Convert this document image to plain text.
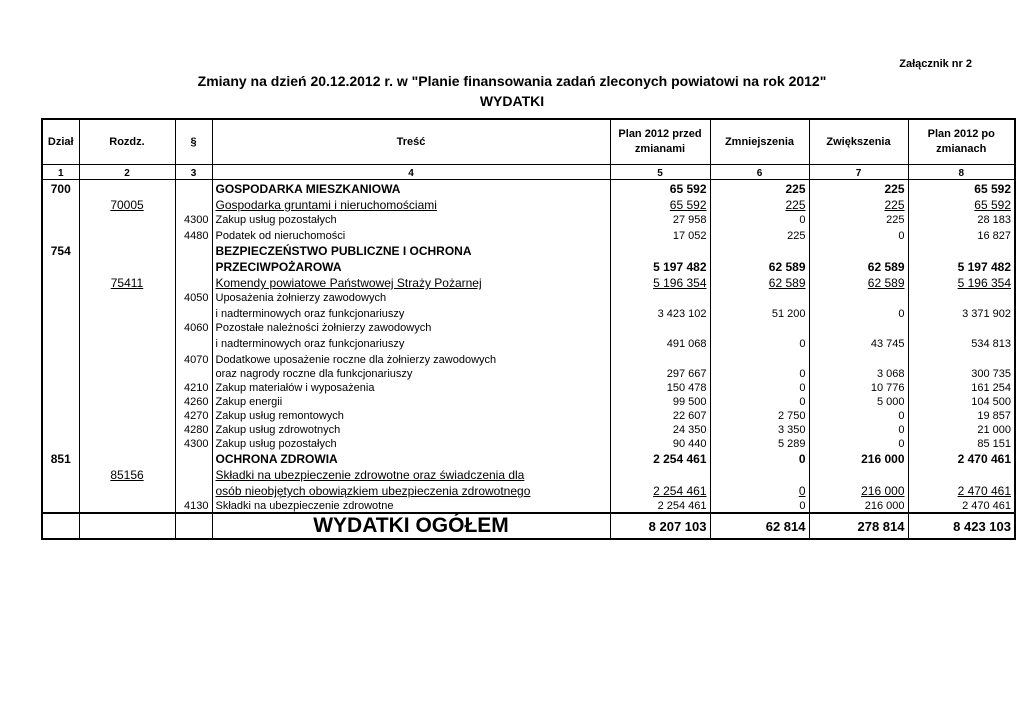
Załącznik nr 2
Zmiany na dzień 20.12.2012 r. w "Planie finansowania zadań zleconych powiatowi na rok 2012"
WYDATKI
Dział	Rozdz.	§	Treść	Plan 2012 przed zmianami	Zmniejszenia	Zwiększenia	Plan 2012 po zmianach
1	2	3	4	5	6	7	8
700			GOSPODARKA MIESZKANIOWA	65 592	225	225	65 592
	70005		Gospodarka gruntami i nieruchomościami	65 592	225	225	65 592
		4300	Zakup usług pozostałych	27 958	0	225	28 183
		4480	Podatek od nieruchomości	17 052	225	0	16 827
754			BEZPIECZEŃSTWO PUBLICZNE I OCHRONA				
			PRZECIWPOŻAROWA	5 197 482	62 589	62 589	5 197 482
	75411		Komendy powiatowe Państwowej Straży Pożarnej	5 196 354	62 589	62 589	5 196 354
		4050	Uposażenia żołnierzy zawodowych				
			i nadterminowych oraz funkcjonariuszy	3 423 102	51 200	0	3 371 902
		4060	Pozostałe należności żołnierzy zawodowych				
			i nadterminowych oraz funkcjonariuszy	491 068	0	43 745	534 813
		4070	Dodatkowe uposażenie roczne dla żołnierzy zawodowych				
			oraz nagrody roczne dla funkcjonariuszy	297 667	0	3 068	300 735
		4210	Zakup materiałów i wyposażenia	150 478	0	10 776	161 254
		4260	Zakup energii	99 500	0	5 000	104 500
		4270	Zakup usług remontowych	22 607	2 750	0	19 857
		4280	Zakup usług zdrowotnych	24 350	3 350	0	21 000
		4300	Zakup usług pozostałych	90 440	5 289	0	85 151
851			OCHRONA ZDROWIA	2 254 461	0	216 000	2 470 461
	85156		Składki na ubezpieczenie zdrowotne oraz świadczenia dla				
			osób nieobjętych obowiązkiem ubezpieczenia zdrowotnego	2 254 461	0	216 000	2 470 461
		4130	Składki na ubezpieczenie zdrowotne	2 254 461	0	216 000	2 470 461
			WYDATKI OGÓŁEM	8 207 103	62 814	278 814	8 423 103
